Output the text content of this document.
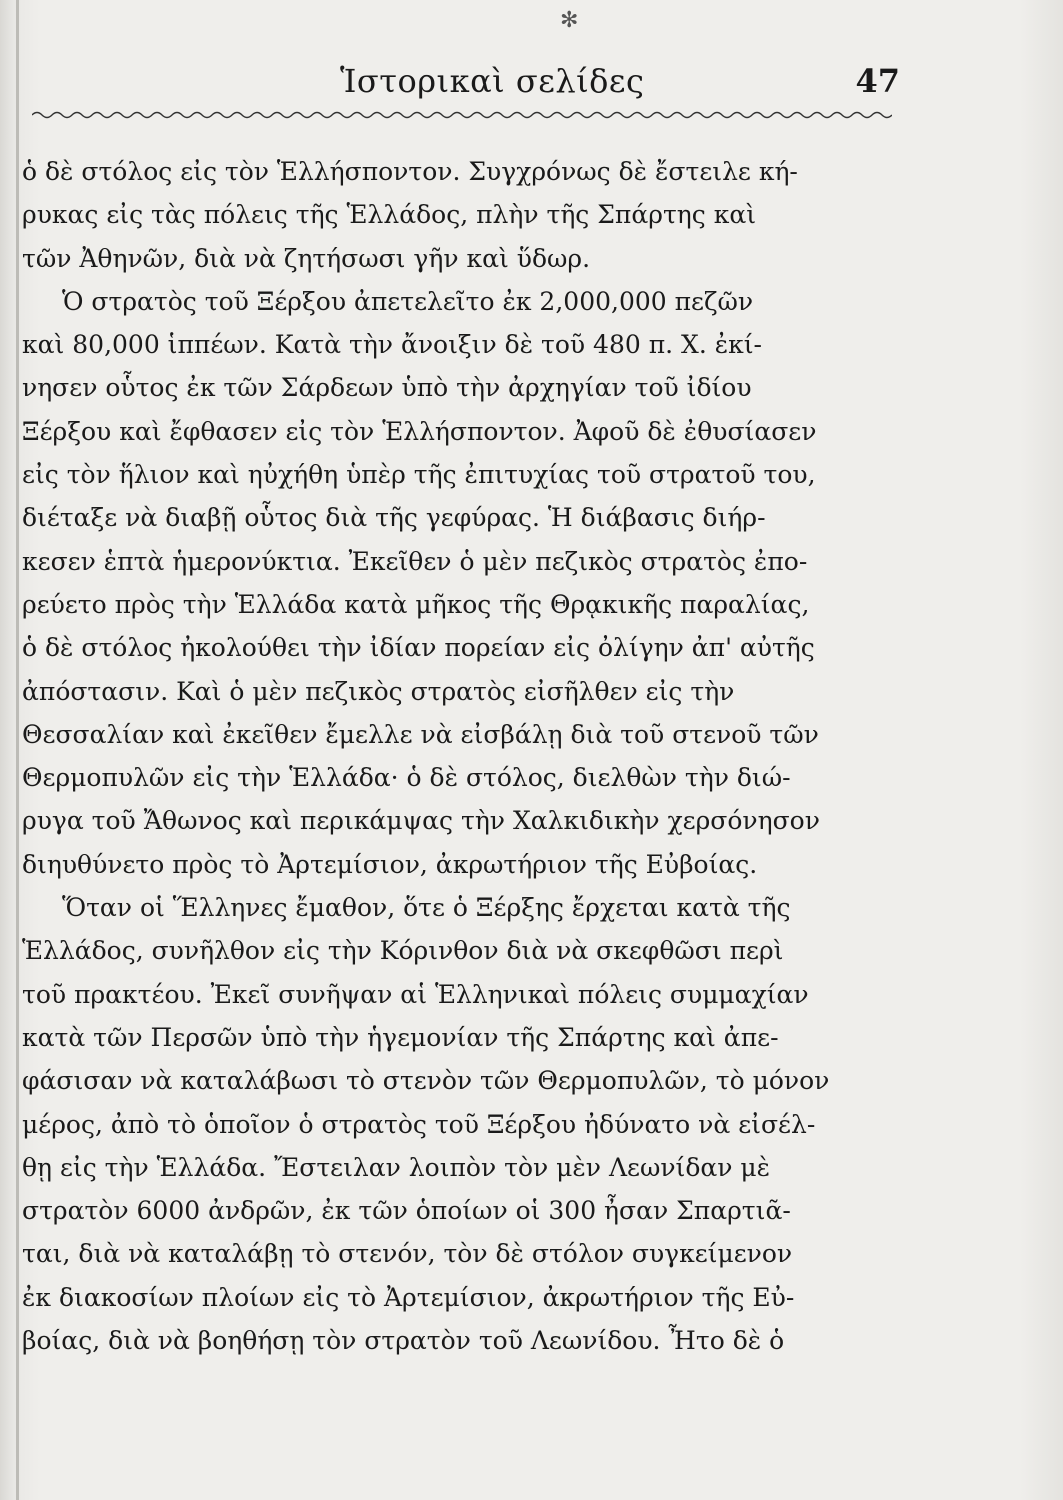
✻
Ἱστορικαὶ σελίδες	47
ὁ δὲ στόλος εἰς τὸν Ἑλλήσποντον. Συγχρόνως δὲ ἔστειλε κή-
ρυκας εἰς τὰς πόλεις τῆς Ἑλλάδος, πλὴν τῆς Σπάρτης καὶ
τῶν Ἀθηνῶν, διὰ νὰ ζητήσωσι γῆν καὶ ὕδωρ.
Ὁ στρατὸς τοῦ Ξέρξου ἀπετελεῖτο ἐκ 2,000,000 πεζῶν
καὶ 80,000 ἱππέων. Κατὰ τὴν ἄνοιξιν δὲ τοῦ 480 π. Χ. ἐκί-
νησεν οὗτος ἐκ τῶν Σάρδεων ὑπὸ τὴν ἀρχηγίαν τοῦ ἰδίου
Ξέρξου καὶ ἔφθασεν εἰς τὸν Ἑλλήσποντον. Ἀφοῦ δὲ ἐθυσίασεν
εἰς τὸν ἥλιον καὶ ηὐχήθη ὑπὲρ τῆς ἐπιτυχίας τοῦ στρατοῦ του,
διέταξε νὰ διαβῇ οὗτος διὰ τῆς γεφύρας. Ἡ διάβασις διήρ-
κεσεν ἑπτὰ ἡμερονύκτια. Ἐκεῖθεν ὁ μὲν πεζικὸς στρατὸς ἐπο-
ρεύετο πρὸς τὴν Ἑλλάδα κατὰ μῆκος τῆς Θρᾳκικῆς παραλίας,
ὁ δὲ στόλος ἠκολούθει τὴν ἰδίαν πορείαν εἰς ὀλίγην ἀπ' αὐτῆς
ἀπόστασιν. Καὶ ὁ μὲν πεζικὸς στρατὸς εἰσῆλθεν εἰς τὴν
Θεσσαλίαν καὶ ἐκεῖθεν ἔμελλε νὰ εἰσβάλῃ διὰ τοῦ στενοῦ τῶν
Θερμοπυλῶν εἰς τὴν Ἑλλάδα· ὁ δὲ στόλος, διελθὼν τὴν διώ-
ρυγα τοῦ Ἄθωνος καὶ περικάμψας τὴν Χαλκιδικὴν χερσόνησον
διηυθύνετο πρὸς τὸ Ἀρτεμίσιον, ἀκρωτήριον τῆς Εὐβοίας.
Ὅταν οἱ Ἕλληνες ἔμαθον, ὅτε ὁ Ξέρξης ἔρχεται κατὰ τῆς
Ἑλλάδος, συνῆλθον εἰς τὴν Κόρινθον διὰ νὰ σκεφθῶσι περὶ
τοῦ πρακτέου. Ἐκεῖ συνῆψαν αἱ Ἑλληνικαὶ πόλεις συμμαχίαν
κατὰ τῶν Περσῶν ὑπὸ τὴν ἡγεμονίαν τῆς Σπάρτης καὶ ἀπε-
φάσισαν νὰ καταλάβωσι τὸ στενὸν τῶν Θερμοπυλῶν, τὸ μόνον
μέρος, ἀπὸ τὸ ὁποῖον ὁ στρατὸς τοῦ Ξέρξου ἠδύνατο νὰ εἰσέλ-
θῃ εἰς τὴν Ἑλλάδα. Ἔστειλαν λοιπὸν τὸν μὲν Λεωνίδαν μὲ
στρατὸν 6000 ἀνδρῶν, ἐκ τῶν ὁποίων οἱ 300 ἦσαν Σπαρτιᾶ-
ται, διὰ νὰ καταλάβῃ τὸ στενόν, τὸν δὲ στόλον συγκείμενον
ἐκ διακοσίων πλοίων εἰς τὸ Ἀρτεμίσιον, ἀκρωτήριον τῆς Εὐ-
βοίας, διὰ νὰ βοηθήσῃ τὸν στρατὸν τοῦ Λεωνίδου. Ἦτο δὲ ὁ
